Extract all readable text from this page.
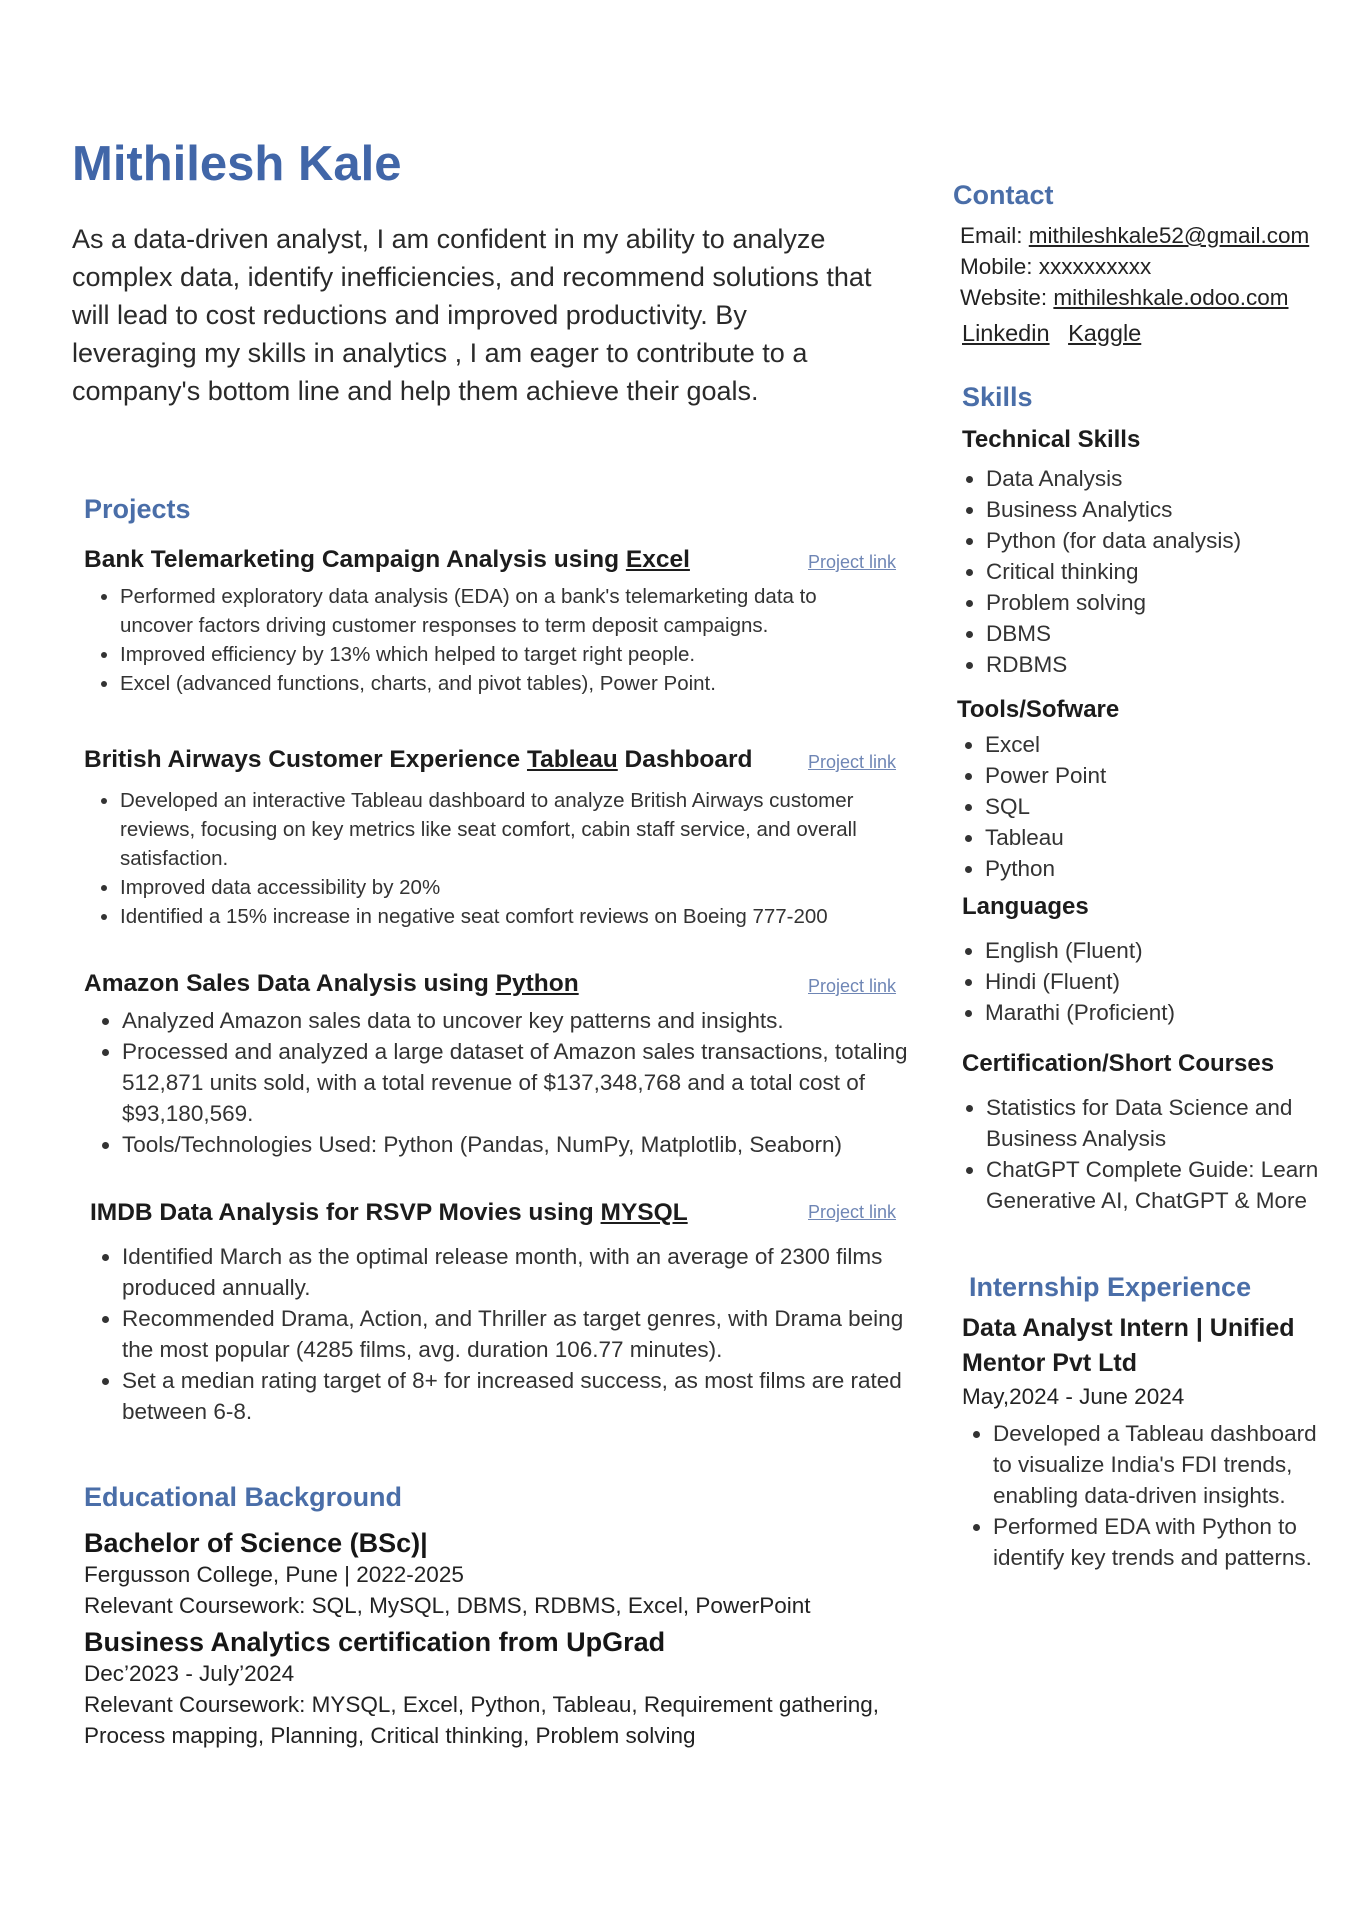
Mithilesh Kale

As a data-driven analyst, I am confident in my ability to analyze complex data, identify inefficiencies, and recommend solutions that will lead to cost reductions and improved productivity. By leveraging my skills in analytics , I am eager to contribute to a company's bottom line and help them achieve their goals.

Projects
Bank Telemarketing Campaign Analysis using Excel	Project link
• Performed exploratory data analysis (EDA) on a bank's telemarketing data to uncover factors driving customer responses to term deposit campaigns.
• Improved efficiency by 13% which helped to target right people.
• Excel (advanced functions, charts, and pivot tables), Power Point.
British Airways Customer Experience Tableau Dashboard	Project link
• Developed an interactive Tableau dashboard to analyze British Airways customer reviews, focusing on key metrics like seat comfort, cabin staff service, and overall satisfaction.
• Improved data accessibility by 20%
• Identified a 15% increase in negative seat comfort reviews on Boeing 777-200
Amazon Sales Data Analysis using Python	Project link
• Analyzed Amazon sales data to uncover key patterns and insights.
• Processed and analyzed a large dataset of Amazon sales transactions, totaling 512,871 units sold, with a total revenue of $137,348,768 and a total cost of $93,180,569.
• Tools/Technologies Used: Python (Pandas, NumPy, Matplotlib, Seaborn)
IMDB Data Analysis for RSVP Movies using MYSQL	Project link
• Identified March as the optimal release month, with an average of 2300 films produced annually.
• Recommended Drama, Action, and Thriller as target genres, with Drama being the most popular (4285 films, avg. duration 106.77 minutes).
• Set a median rating target of 8+ for increased success, as most films are rated between 6-8.
Educational Background

Bachelor of Science (BSc)|

Fergusson College, Pune | 2022-2025

Relevant Coursework: SQL, MySQL, DBMS, RDBMS, Excel, PowerPoint

Business Analytics certification from UpGrad

Dec’2023 - July’2024

Relevant Coursework: MYSQL, Excel, Python, Tableau, Requirement gathering, Process mapping, Planning, Critical thinking, Problem solving

Contact
Email: mithileshkale52@gmail.com
Mobile: xxxxxxxxxx
Website: mithileshkale.odoo.com
Linkedin Kaggle
Skills

Technical Skills

• Data Analysis
• Business Analytics
• Python (for data analysis)
• Critical thinking
• Problem solving
• DBMS
• RDBMS

Tools/Sofware

• Excel
• Power Point
• SQL
• Tableau
• Python

Languages

• English (Fluent)
• Hindi (Fluent)
• Marathi (Proficient)

Certification/Short Courses

• Statistics for Data Science and Business Analysis
• ChatGPT Complete Guide: Learn Generative AI, ChatGPT & More
Internship Experience

Data Analyst Intern | Unified Mentor Pvt Ltd

May,2024 - June 2024

• Developed a Tableau dashboard to visualize India's FDI trends, enabling data-driven insights.
• Performed EDA with Python to identify key trends and patterns.
